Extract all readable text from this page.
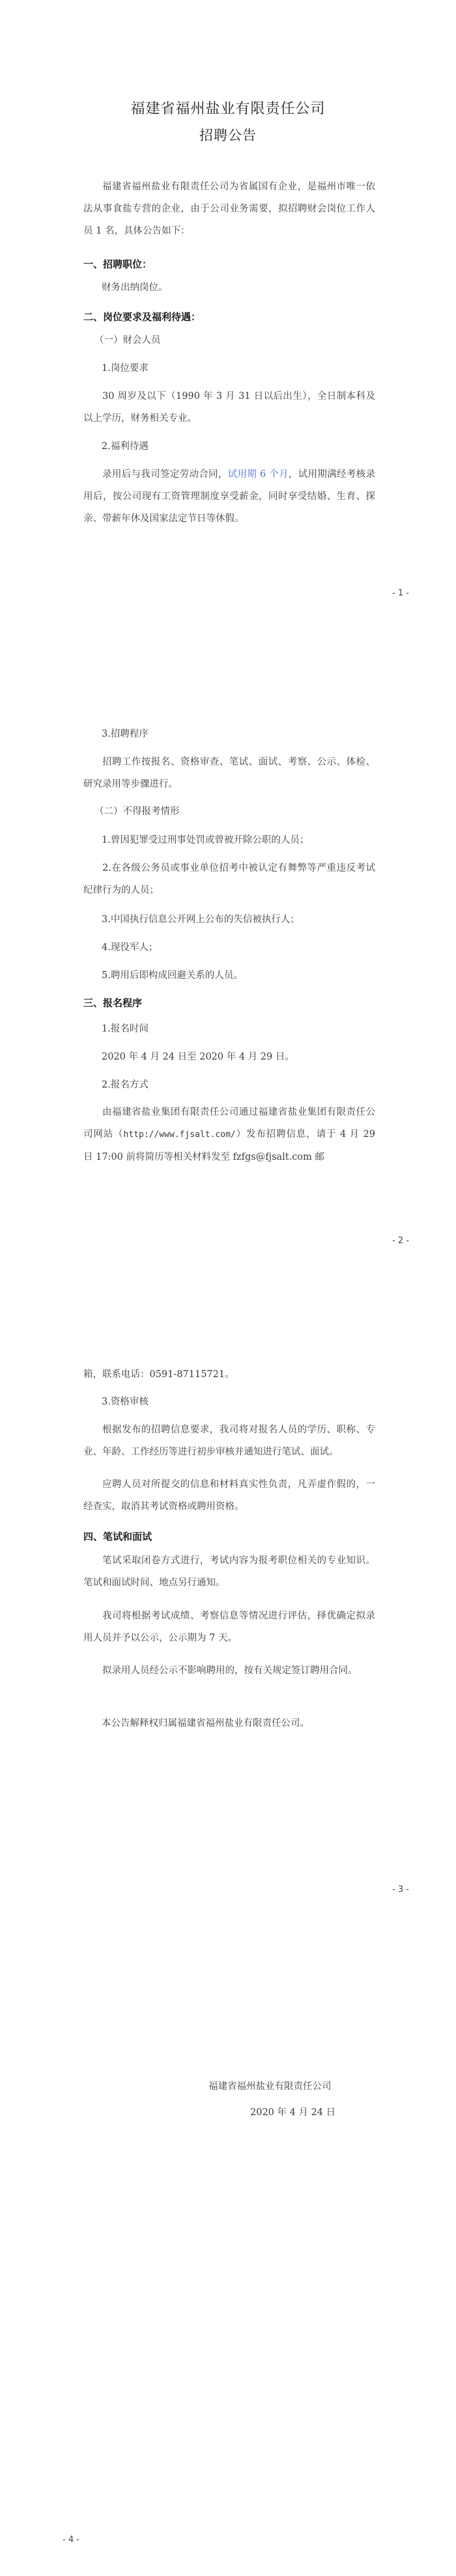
福建省福州盐业有限责任公司

招聘公告

福建省福州盐业有限责任公司为省属国有企业，是福州市唯一依法从事食盐专营的企业，由于公司业务需要，拟招聘财会岗位工作人员 1 名，具体公告如下：

一、招聘职位：

财务出纳岗位。

二、岗位要求及福利待遇：

（一）财会人员

1.岗位要求

30 周岁及以下（1990 年 3 月 31 日以后出生），全日制本科及以上学历，财务相关专业。

2.福利待遇

录用后与我司签定劳动合同，试用期 6 个月，试用期满经考核录用后，按公司现有工资管理制度享受薪金，同时享受结婚、生育、探亲、带薪年休及国家法定节日等休假。

- 1 -

3.招聘程序

招聘工作按报名、资格审查、笔试、面试、考察、公示、体检、研究录用等步骤进行。

（二）不得报考情形

1.曾因犯罪受过刑事处罚或曾被开除公职的人员；

2.在各级公务员或事业单位招考中被认定有舞弊等严重违反考试纪律行为的人员；

3.中国执行信息公开网上公布的失信被执行人；

4.现役军人；

5.聘用后即构成回避关系的人员。

三、报名程序

1.报名时间

2020 年 4 月 24 日至 2020 年 4 月 29 日。

2.报名方式

由福建省盐业集团有限责任公司通过福建省盐业集团有限责任公司网站（http://www.fjsalt.com/）发布招聘信息，请于 4 月 29 日 17:00 前将简历等相关材料发至 fzfgs@fjsalt.com 邮

- 2 -

箱，联系电话：0591-87115721。

3.资格审核

根据发布的招聘信息要求，我司将对报名人员的学历、职称、专业、年龄、工作经历等进行初步审核并通知进行笔试、面试。

应聘人员对所提交的信息和材料真实性负责，凡弄虚作假的，一经查实，取消其考试资格或聘用资格。

四、笔试和面试

笔试采取闭卷方式进行，考试内容为报考职位相关的专业知识。笔试和面试时间、地点另行通知。

我司将根据考试成绩、考察信息等情况进行评估，择优确定拟录用人员并予以公示，公示期为 7 天。

拟录用人员经公示不影响聘用的，按有关规定签订聘用合同。

本公告解释权归属福建省福州盐业有限责任公司。

- 3 -

福建省福州盐业有限责任公司

2020 年 4 月 24 日

- 4 -
